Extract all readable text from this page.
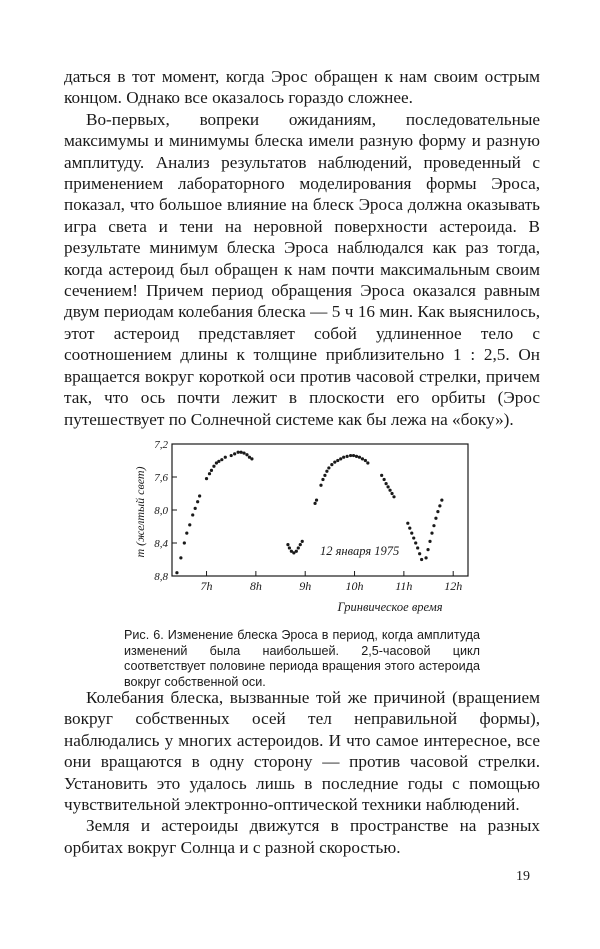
даться в тот момент, когда Эрос обращен к нам своим острым концом. Однако все оказалось гораздо сложнее.

Во-первых, вопреки ожиданиям, последовательные максимумы и минимумы блеска имели разную форму и разную амплитуду. Анализ результатов наблюдений, проведенный с применением лабораторного моделирования формы Эроса, показал, что большое влияние на блеск Эроса должна оказывать игра света и тени на неровной поверхности астероида. В результате минимум блеска Эроса наблюдался как раз тогда, когда астероид был обращен к нам почти максимальным своим сечением! Причем период обращения Эроса оказался равным двум периодам колебания блеска — 5 ч 16 мин. Как выяснилось, этот астероид представляет собой удлиненное тело с соотношением длины к толщине приблизительно 1 : 2,5. Он вращается вокруг короткой оси против часовой стрелки, причем так, что ось почти лежит в плоскости его орбиты (Эрос путешествует по Солнечной системе как бы лежа на «боку»).

7,2
7,6
8,0
8,4
8,8
7h	8h	9h	10h	11h	12h
m (желтый свет)
Гринвическое время
12 января 1975
Рис. 6. Изменение блеска Эроса в период, когда амплитуда изменений была наибольшей. 2,5-часовой цикл соответствует половине периода вращения этого астероида вокруг собственной оси.

Колебания блеска, вызванные той же причиной (вращением вокруг собственных осей тел неправильной формы), наблюдались у многих астероидов. И что самое интересное, все они вращаются в одну сторону — против часовой стрелки. Установить это удалось лишь в последние годы с помощью чувствительной электронно-оптической техники наблюдений.

Земля и астероиды движутся в пространстве на разных орбитах вокруг Солнца и с разной скоростью.

19
